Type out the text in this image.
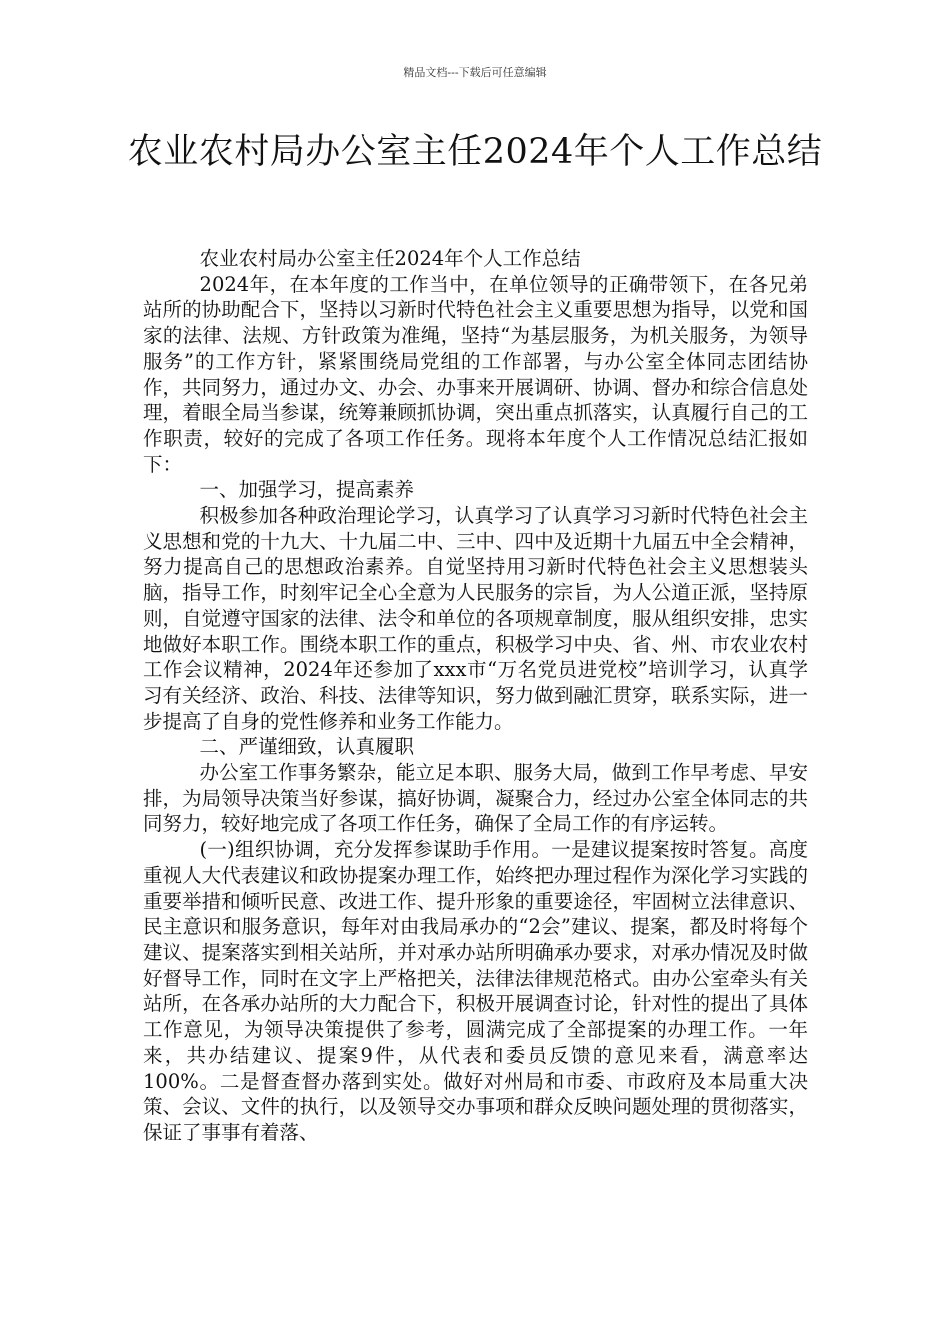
精品文档---下载后可任意编辑
农业农村局办公室主任2024年个人工作总结

农业农村局办公室主任2024年个人工作总结

2024年，在本年度的工作当中，在单位领导的正确带领下，在各兄弟站所的协助配合下，坚持以习新时代特色社会主义重要思想为指导，以党和国家的法律、法规、方针政策为准绳，坚持“为基层服务，为机关服务，为领导服务”的工作方针，紧紧围绕局党组的工作部署，与办公室全体同志团结协作，共同努力，通过办文、办会、办事来开展调研、协调、督办和综合信息处理，着眼全局当参谋，统筹兼顾抓协调，突出重点抓落实，认真履行自己的工作职责，较好的完成了各项工作任务。现将本年度个人工作情况总结汇报如下：

一、加强学习，提高素养

积极参加各种政治理论学习，认真学习了认真学习习新时代特色社会主义思想和党的十九大、十九届二中、三中、四中及近期十九届五中全会精神，努力提高自己的思想政治素养。自觉坚持用习新时代特色社会主义思想装头脑，指导工作，时刻牢记全心全意为人民服务的宗旨，为人公道正派，坚持原则，自觉遵守国家的法律、法令和单位的各项规章制度，服从组织安排，忠实地做好本职工作。围绕本职工作的重点，积极学习中央、省、州、市农业农村工作会议精神，2024年还参加了xxx市“万名党员进党校”培训学习，认真学习有关经济、政治、科技、法律等知识，努力做到融汇贯穿，联系实际，进一步提高了自身的党性修养和业务工作能力。

二、严谨细致，认真履职

办公室工作事务繁杂，能立足本职、服务大局，做到工作早考虑、早安排，为局领导决策当好参谋，搞好协调，凝聚合力，经过办公室全体同志的共同努力，较好地完成了各项工作任务，确保了全局工作的有序运转。

(一)组织协调，充分发挥参谋助手作用。一是建议提案按时答复。高度重视人大代表建议和政协提案办理工作，始终把办理过程作为深化学习实践的重要举措和倾听民意、改进工作、提升形象的重要途径，牢固树立法律意识、民主意识和服务意识，每年对由我局承办的“2会”建议、提案，都及时将每个建议、提案落实到相关站所，并对承办站所明确承办要求，对承办情况及时做好督导工作，同时在文字上严格把关，法律法律规范格式。由办公室牵头有关站所，在各承办站所的大力配合下，积极开展调查讨论，针对性的提出了具体工作意见，为领导决策提供了参考，圆满完成了全部提案的办理工作。一年来，共办结建议、提案9件，从代表和委员反馈的意见来看，满意率达100%。二是督查督办落到实处。做好对州局和市委、市政府及本局重大决策、会议、文件的执行，以及领导交办事项和群众反映问题处理的贯彻落实，保证了事事有着落、
